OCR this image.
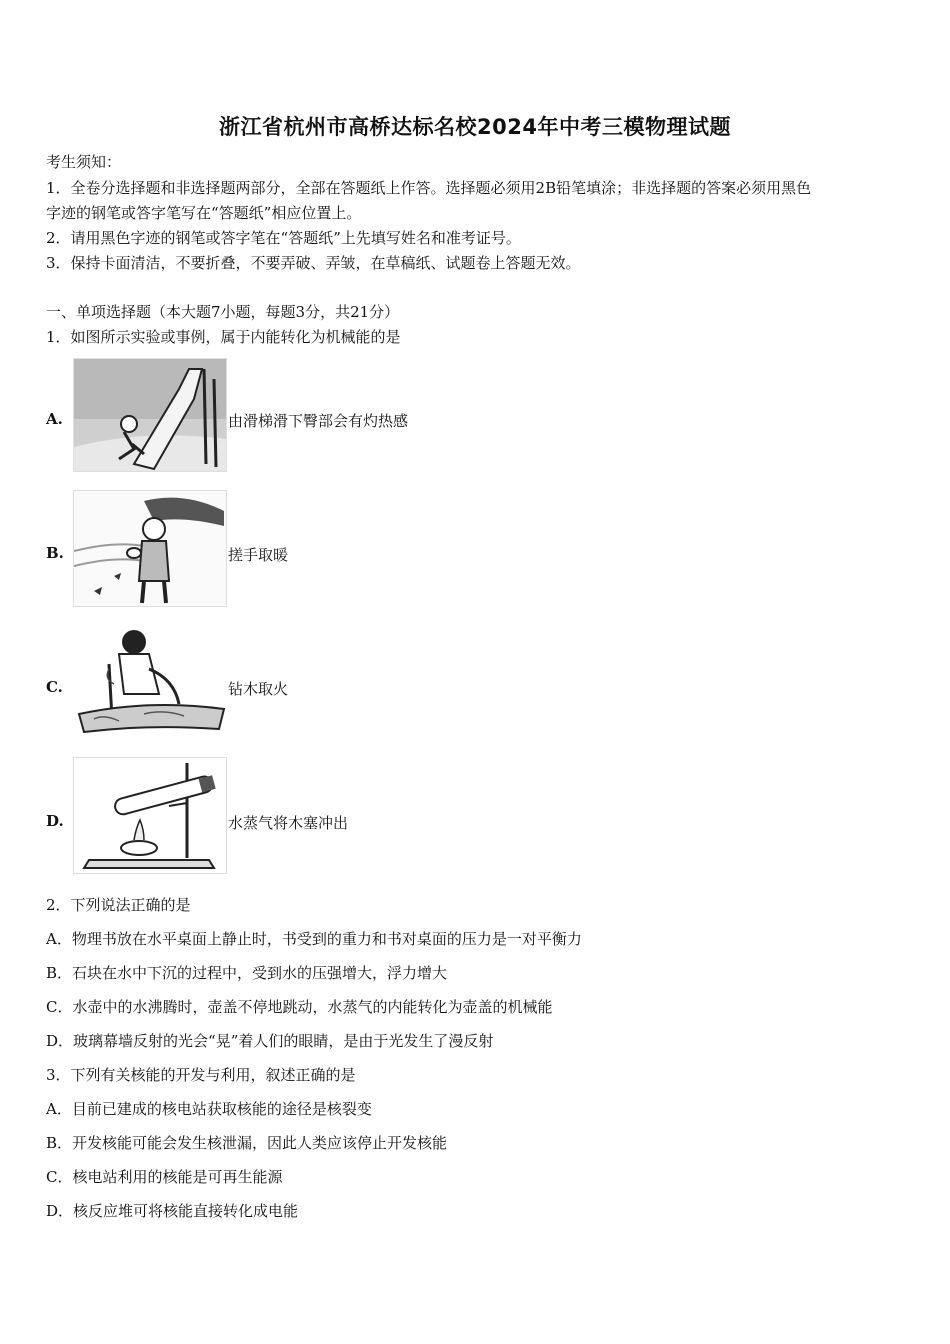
浙江省杭州市高桥达标名校2024年中考三模物理试题
考生须知：
1．全卷分选择题和非选择题两部分，全部在答题纸上作答。选择题必须用2B铅笔填涂；非选择题的答案必须用黑色
字迹的钢笔或答字笔写在“答题纸”相应位置上。
2．请用黑色字迹的钢笔或答字笔在“答题纸”上先填写姓名和准考证号。
3．保持卡面清洁，不要折叠，不要弄破、弄皱，在草稿纸、试题卷上答题无效。
一、单项选择题（本大题7小题，每题3分，共21分）
1．如图所示实验或事例，属于内能转化为机械能的是
A.	由滑梯滑下臀部会有灼热感
B.	搓手取暖
C.	钻木取火
D.	水蒸气将木塞冲出
2．下列说法正确的是
A．物理书放在水平桌面上静止时，书受到的重力和书对桌面的压力是一对平衡力
B．石块在水中下沉的过程中，受到水的压强增大，浮力增大
C．水壶中的水沸腾时，壶盖不停地跳动，水蒸气的内能转化为壶盖的机械能
D．玻璃幕墙反射的光会“晃”着人们的眼睛，是由于光发生了漫反射
3．下列有关核能的开发与利用，叙述正确的是
A．目前已建成的核电站获取核能的途径是核裂变
B．开发核能可能会发生核泄漏，因此人类应该停止开发核能
C．核电站利用的核能是可再生能源
D．核反应堆可将核能直接转化成电能
